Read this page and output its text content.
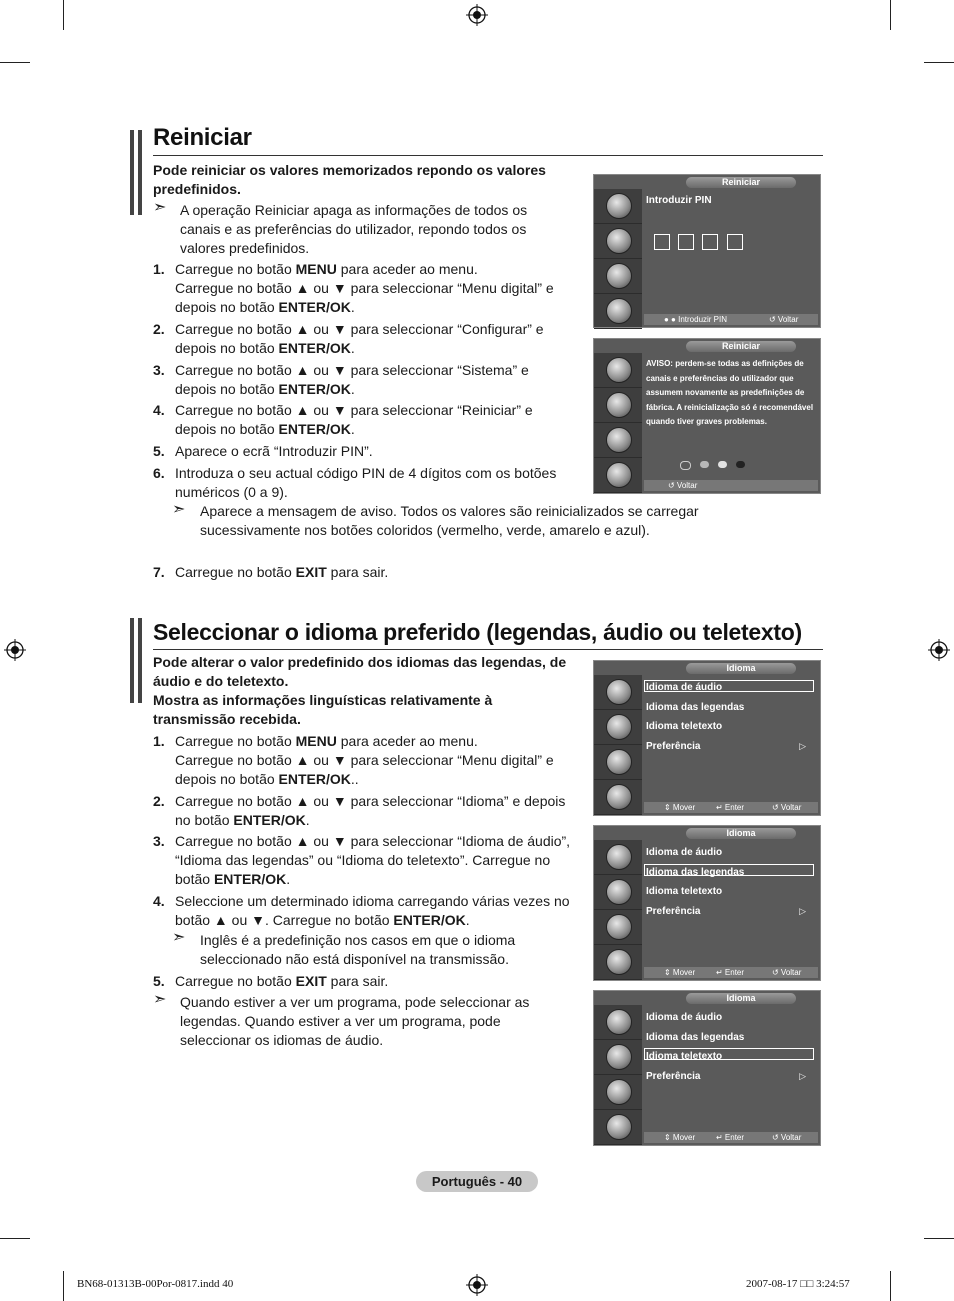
Reiniciar
Pode reiniciar os valores memorizados repondo os valores predefinidos.
➣ A operação Reiniciar apaga as informações de todos os canais e as preferências do utilizador, repondo todos os valores predefinidos.
1. Carregue no botão MENU para aceder ao menu.
Carregue no botão ▲ ou ▼ para seleccionar “Menu digital” e depois no botão ENTER/OK.
2. Carregue no botão ▲ ou ▼ para seleccionar “Configurar” e depois no botão ENTER/OK.
3. Carregue no botão ▲ ou ▼ para seleccionar “Sistema” e depois no botão ENTER/OK.
4. Carregue no botão ▲ ou ▼ para seleccionar “Reiniciar” e depois no botão ENTER/OK.
5. Aparece o ecrã “Introduzir PIN”.
6. Introduza o seu actual código PIN de 4 dígitos com os botões numéricos (0 a 9).
7. Carregue no botão EXIT para sair.
➣ Aparece a mensagem de aviso. Todos os valores são reinicializados se carregar sucessivamente nos botões coloridos (vermelho, verde, amarelo e azul).
Reiniciar
Introduzir PIN
● ● Introduzir PIN	↺ Voltar
Reiniciar
AVISO: perdem-se todas as definições de canais e preferências do utilizador que assumem novamente as predefinições de fábrica. A reinicialização só é recomendável quando tiver graves problemas.
↺ Voltar
Seleccionar o idioma preferido (legendas, áudio ou teletexto)
Pode alterar o valor predefinido dos idiomas das legendas, de áudio e do teletexto.
Mostra as informações linguísticas relativamente à transmissão recebida.
1. Carregue no botão MENU para aceder ao menu.
Carregue no botão ▲ ou ▼ para seleccionar “Menu digital” e depois no botão ENTER/OK..
2. Carregue no botão ▲ ou ▼ para seleccionar “Idioma” e depois no botão ENTER/OK.
3. Carregue no botão ▲ ou ▼ para seleccionar “Idioma de áudio”, “Idioma das legendas” ou “Idioma do teletexto”. Carregue no botão ENTER/OK.
4. Seleccione um determinado idioma carregando várias vezes no botão ▲ ou ▼. Carregue no botão ENTER/OK.
5. Carregue no botão EXIT para sair.
➣ Inglês é a predefinição nos casos em que o idioma seleccionado não está disponível na transmissão.
➣ Quando estiver a ver um programa, pode seleccionar as legendas. Quando estiver a ver um programa, pode seleccionar os idiomas de áudio.
Idioma
Idioma de áudio
Idioma das legendas
Idioma teletexto
Preferência	▷
⇕ Mover	↵ Enter	↺ Voltar
Idioma
Idioma de áudio
Idioma das legendas
Idioma teletexto
Preferência	▷
⇕ Mover	↵ Enter	↺ Voltar
Idioma
Idioma de áudio
Idioma das legendas
Idioma teletexto
Preferência	▷
⇕ Mover	↵ Enter	↺ Voltar
Português - 40
BN68-01313B-00Por-0817.indd 40	2007-08-17 □□ 3:24:57
